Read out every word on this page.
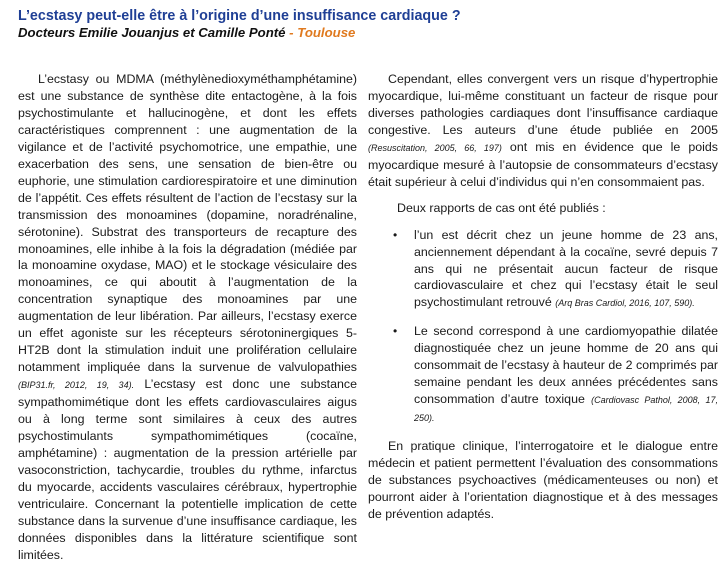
L’ecstasy peut-elle être à l’origine d’une insuffisance cardiaque ?
Docteurs Emilie Jouanjus et Camille Ponté - Toulouse

L’ecstasy ou MDMA (méthylènedioxyméthamphétamine) est une substance de synthèse dite entactogène, à la fois psychostimulante et hallucinogène, et dont les effets caractéristiques comprennent : une augmentation de la vigilance et de l’activité psychomotrice, une empathie, une exacerbation des sens, une sensation de bien-être ou euphorie, une stimulation cardiorespiratoire et une diminution de l’appétit. Ces effets résultent de l’action de l’ecstasy sur la transmission des monoamines (dopamine, noradrénaline, sérotonine). Substrat des transporteurs de recapture des monoamines, elle inhibe à la fois la dégradation (médiée par la monoamine oxydase, MAO) et le stockage vésiculaire des monoamines, ce qui aboutit à l’augmentation de la concentration synaptique des monoamines par une augmentation de leur libération. Par ailleurs, l’ecstasy exerce un effet agoniste sur les récepteurs sérotoninergiques 5-HT2B dont la stimulation induit une prolifération cellulaire notamment impliquée dans la survenue de valvulopathies (BIP31.fr, 2012, 19, 34). L’ecstasy est donc une substance sympathomimétique dont les effets cardiovasculaires aigus ou à long terme sont similaires à ceux des autres psychostimulants sympathomimétiques (cocaïne, amphétamine) : augmentation de la pression artérielle par vasoconstriction, tachycardie, troubles du rythme, infarctus du myocarde, accidents vasculaires cérébraux, hypertrophie ventriculaire. Concernant la potentielle implication de cette substance dans la survenue d’une insuffisance cardiaque, les données disponibles dans la littérature scientifique sont limitées.

Cependant, elles convergent vers un risque d’hypertrophie myocardique, lui-même constituant un facteur de risque pour diverses pathologies cardiaques dont l’insuffisance cardiaque congestive. Les auteurs d’une étude publiée en 2005 (Resuscitation, 2005, 66, 197) ont mis en évidence que le poids myocardique mesuré à l’autopsie de consommateurs d’ecstasy était supérieur à celui d’individus qui n’en consommaient pas.

Deux rapports de cas ont été publiés :

• l’un est décrit chez un jeune homme de 23 ans, anciennement dépendant à la cocaïne, sevré depuis 7 ans qui ne présentait aucun facteur de risque cardiovasculaire et chez qui l’ecstasy était le seul psychostimulant retrouvé (Arq Bras Cardiol, 2016, 107, 590).
• Le second correspond à une cardiomyopathie dilatée diagnostiquée chez un jeune homme de 20 ans qui consommait de l’ecstasy à hauteur de 2 comprimés par semaine pendant les deux années précédentes sans consommation d’autre toxique (Cardiovasc Pathol, 2008, 17, 250).

En pratique clinique, l’interrogatoire et le dialogue entre médecin et patient permettent l’évaluation des consommations de substances psychoactives (médicamenteuses ou non) et pourront aider à l’orientation diagnostique et à des messages de prévention adaptés.
